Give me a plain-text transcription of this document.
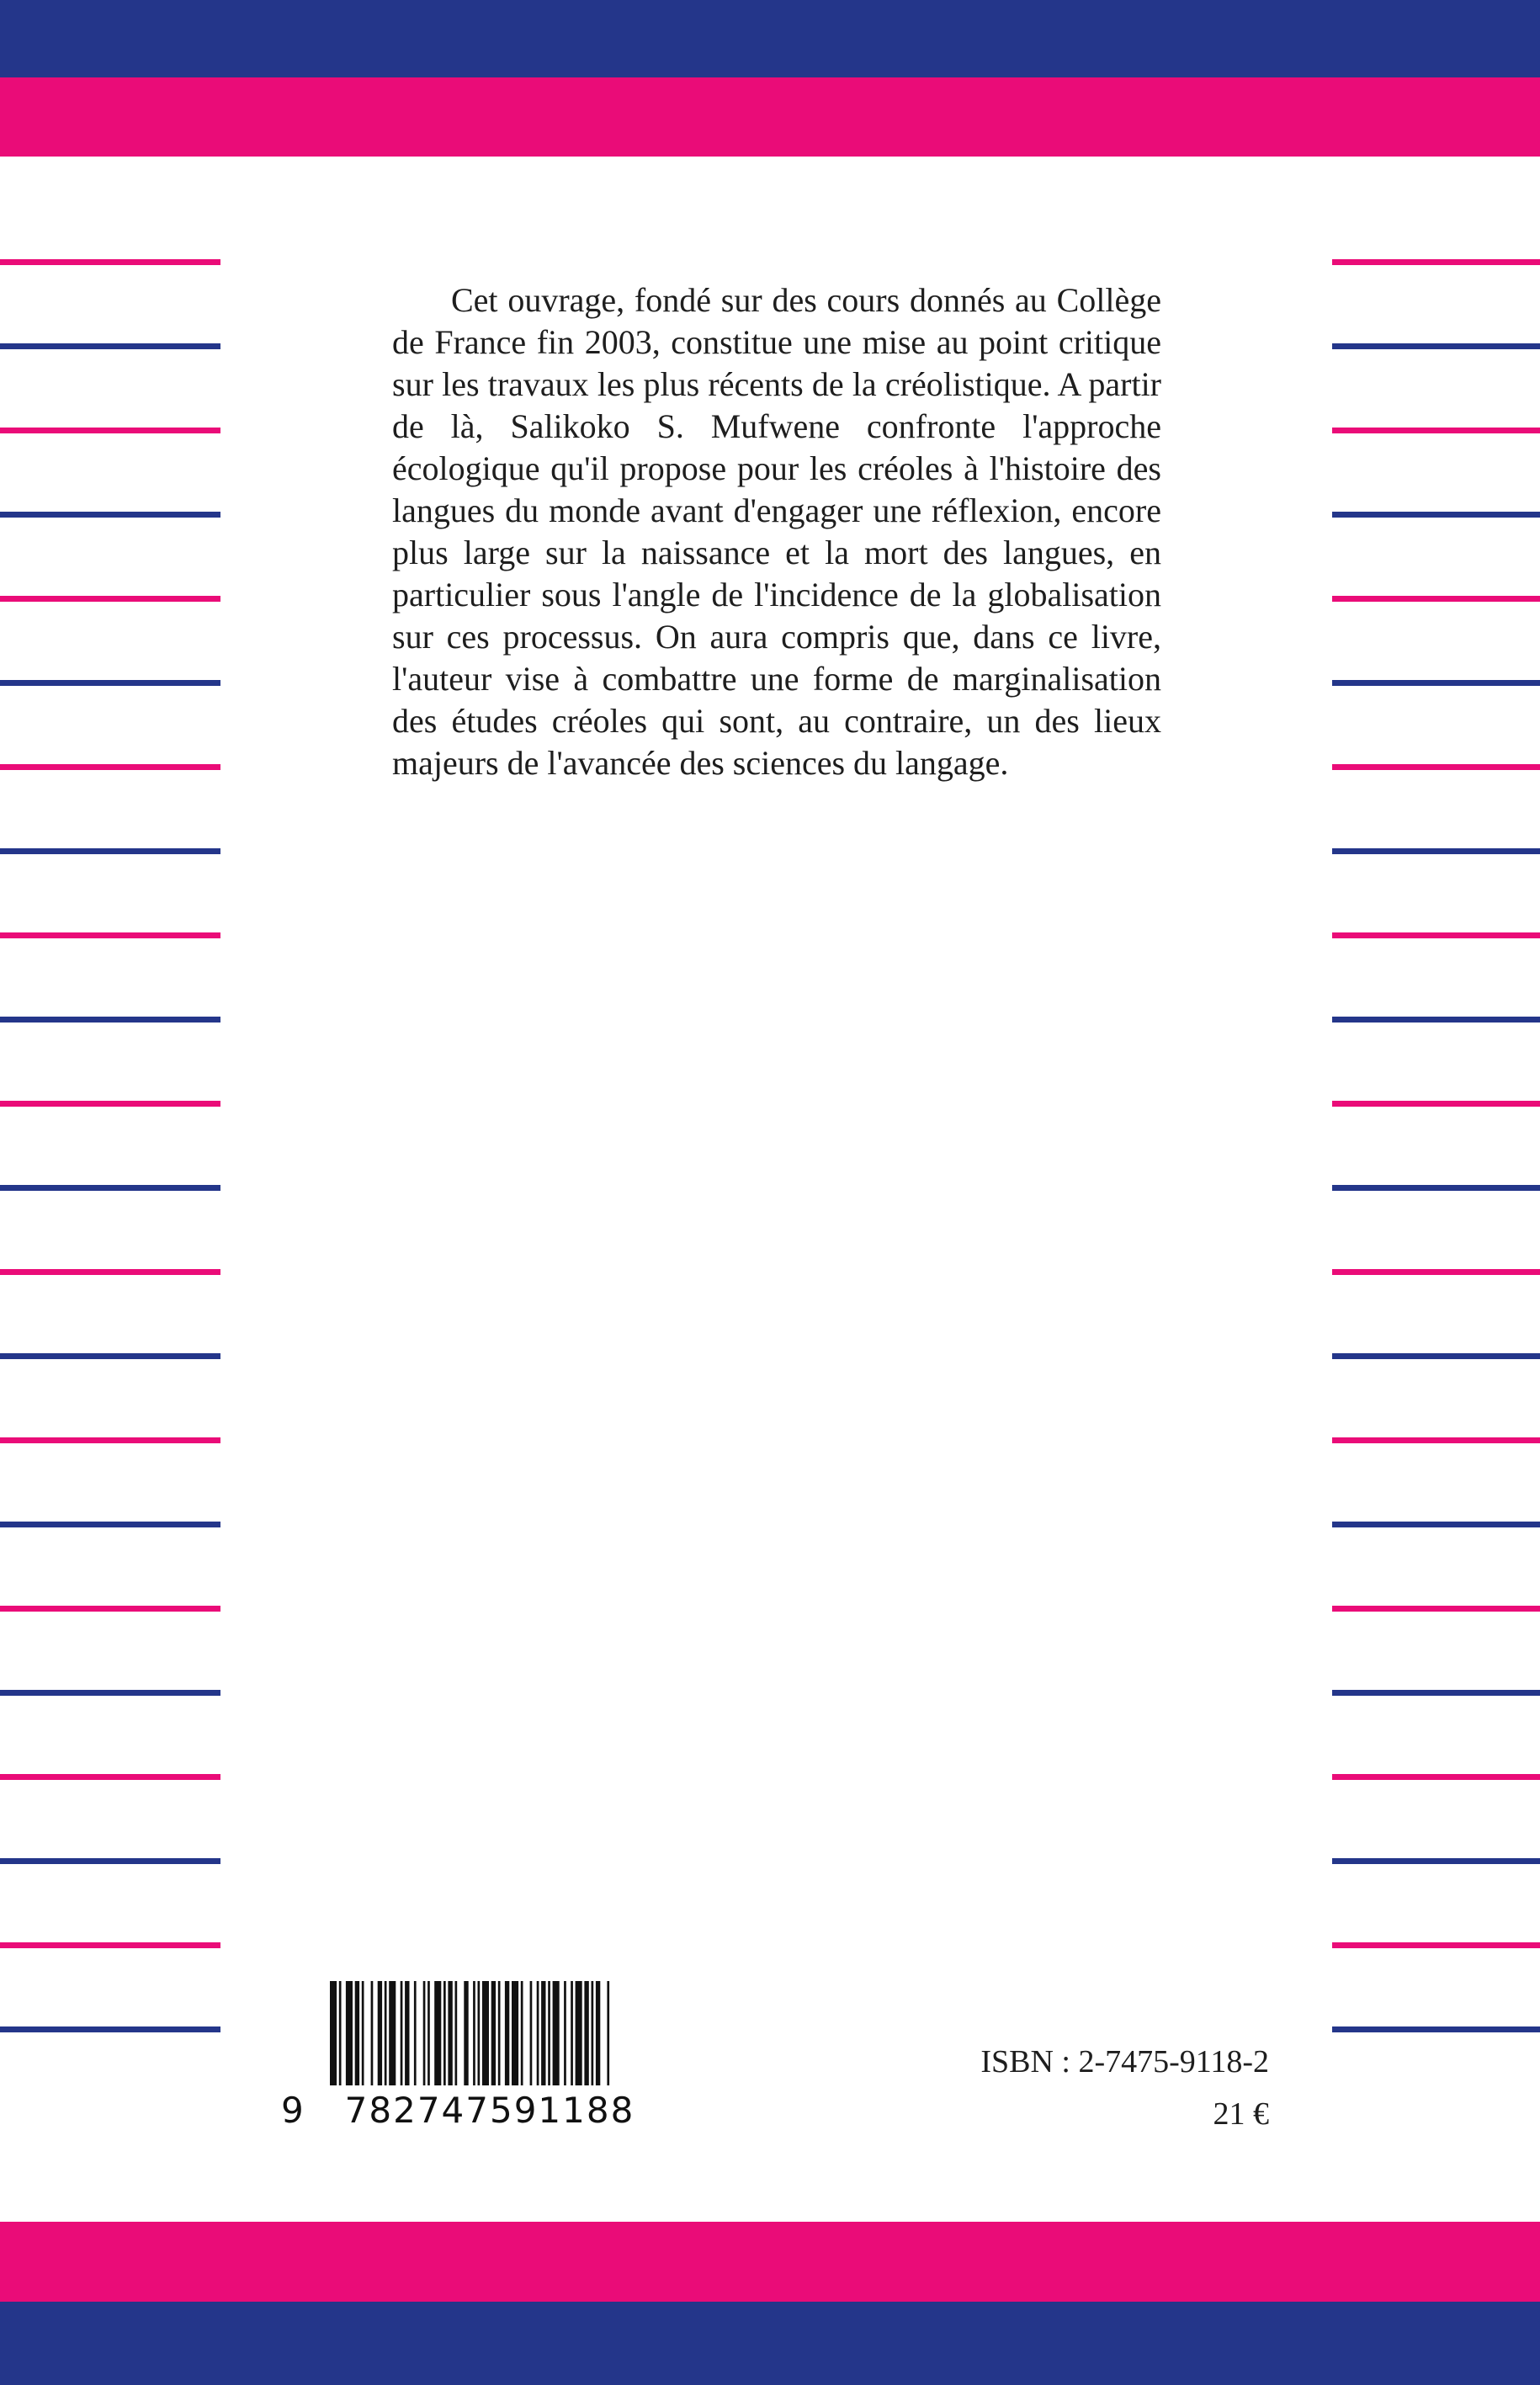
Cet ouvrage, fondé sur des cours donnés au Collège de France fin 2003, constitue une mise au point critique sur les travaux les plus récents de la créolistique. A partir de là, Salikoko S. Mufwene confronte l'approche écologique qu'il propose pour les créoles à l'histoire des langues du monde avant d'engager une réflexion, encore plus large sur la naissance et la mort des langues, en particulier sous l'angle de l'incidence de la globalisation sur ces processus. On aura compris que, dans ce livre, l'auteur vise à combattre une forme de marginalisation des études créoles qui sont, au contraire, un des lieux majeurs de l'avancée des sciences du langage.

9	782747591188
ISBN : 2-7475-9118-2
21 €
